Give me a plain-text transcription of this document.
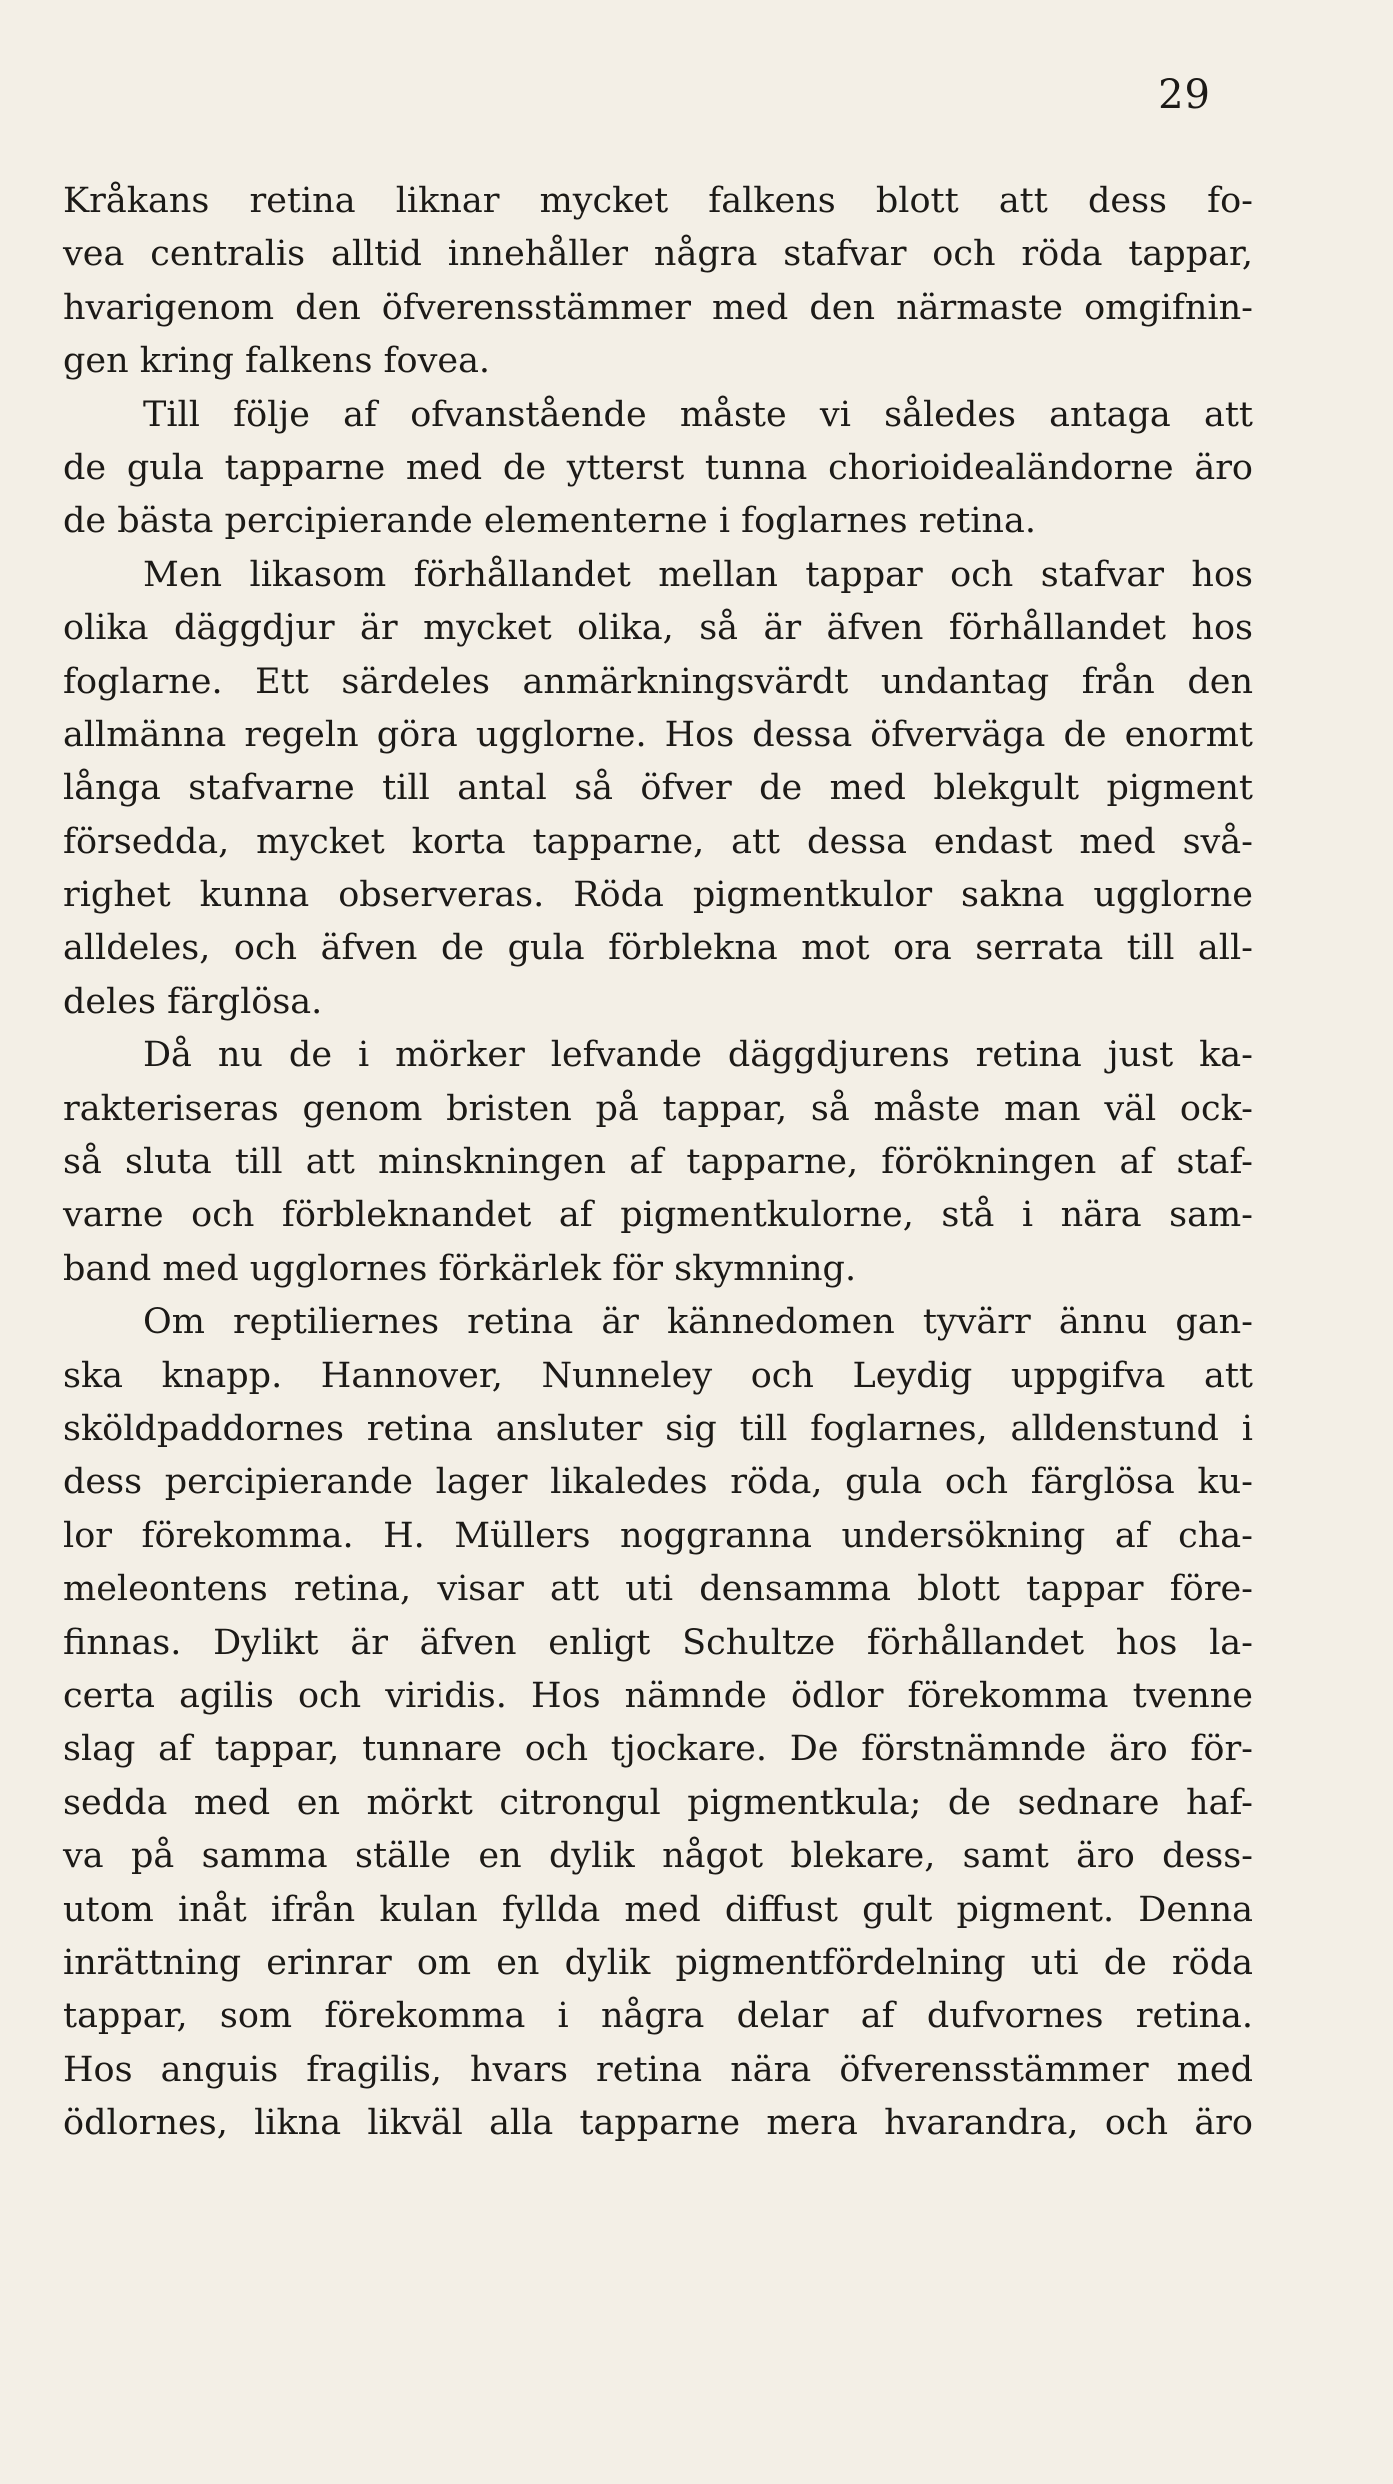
29
Kråkans retina liknar mycket falkens blott att dess fo-
vea centralis alltid innehåller några stafvar och röda tappar,
hvarigenom den öfverensstämmer med den närmaste omgifnin-
gen kring falkens fovea.
Till följe af ofvanstående måste vi således antaga att
de gula tapparne med de ytterst tunna chorioidealändorne äro
de bästa percipierande elementerne i foglarnes retina.
Men likasom förhållandet mellan tappar och stafvar hos
olika däggdjur är mycket olika, så är äfven förhållandet hos
foglarne. Ett särdeles anmärkningsvärdt undantag från den
allmänna regeln göra ugglorne. Hos dessa öfverväga de enormt
långa stafvarne till antal så öfver de med blekgult pigment
försedda, mycket korta tapparne, att dessa endast med svå-
righet kunna observeras. Röda pigmentkulor sakna ugglorne
alldeles, och äfven de gula förblekna mot ora serrata till all-
deles färglösa.
Då nu de i mörker lefvande däggdjurens retina just ka-
rakteriseras genom bristen på tappar, så måste man väl ock-
så sluta till att minskningen af tapparne, förökningen af staf-
varne och förbleknandet af pigmentkulorne, stå i nära sam-
band med ugglornes förkärlek för skymning.
Om reptiliernes retina är kännedomen tyvärr ännu gan-
ska knapp. Hannover, Nunneley och Leydig uppgifva att
sköldpaddornes retina ansluter sig till foglarnes, alldenstund i
dess percipierande lager likaledes röda, gula och färglösa ku-
lor förekomma. H. Müllers noggranna undersökning af cha-
meleontens retina, visar att uti densamma blott tappar före-
finnas. Dylikt är äfven enligt Schultze förhållandet hos la-
certa agilis och viridis. Hos nämnde ödlor förekomma tvenne
slag af tappar, tunnare och tjockare. De förstnämnde äro för-
sedda med en mörkt citrongul pigmentkula; de sednare haf-
va på samma ställe en dylik något blekare, samt äro dess-
utom inåt ifrån kulan fyllda med diffust gult pigment. Denna
inrättning erinrar om en dylik pigmentfördelning uti de röda
tappar, som förekomma i några delar af dufvornes retina.
Hos anguis fragilis, hvars retina nära öfverensstämmer med
ödlornes, likna likväl alla tapparne mera hvarandra, och äro
